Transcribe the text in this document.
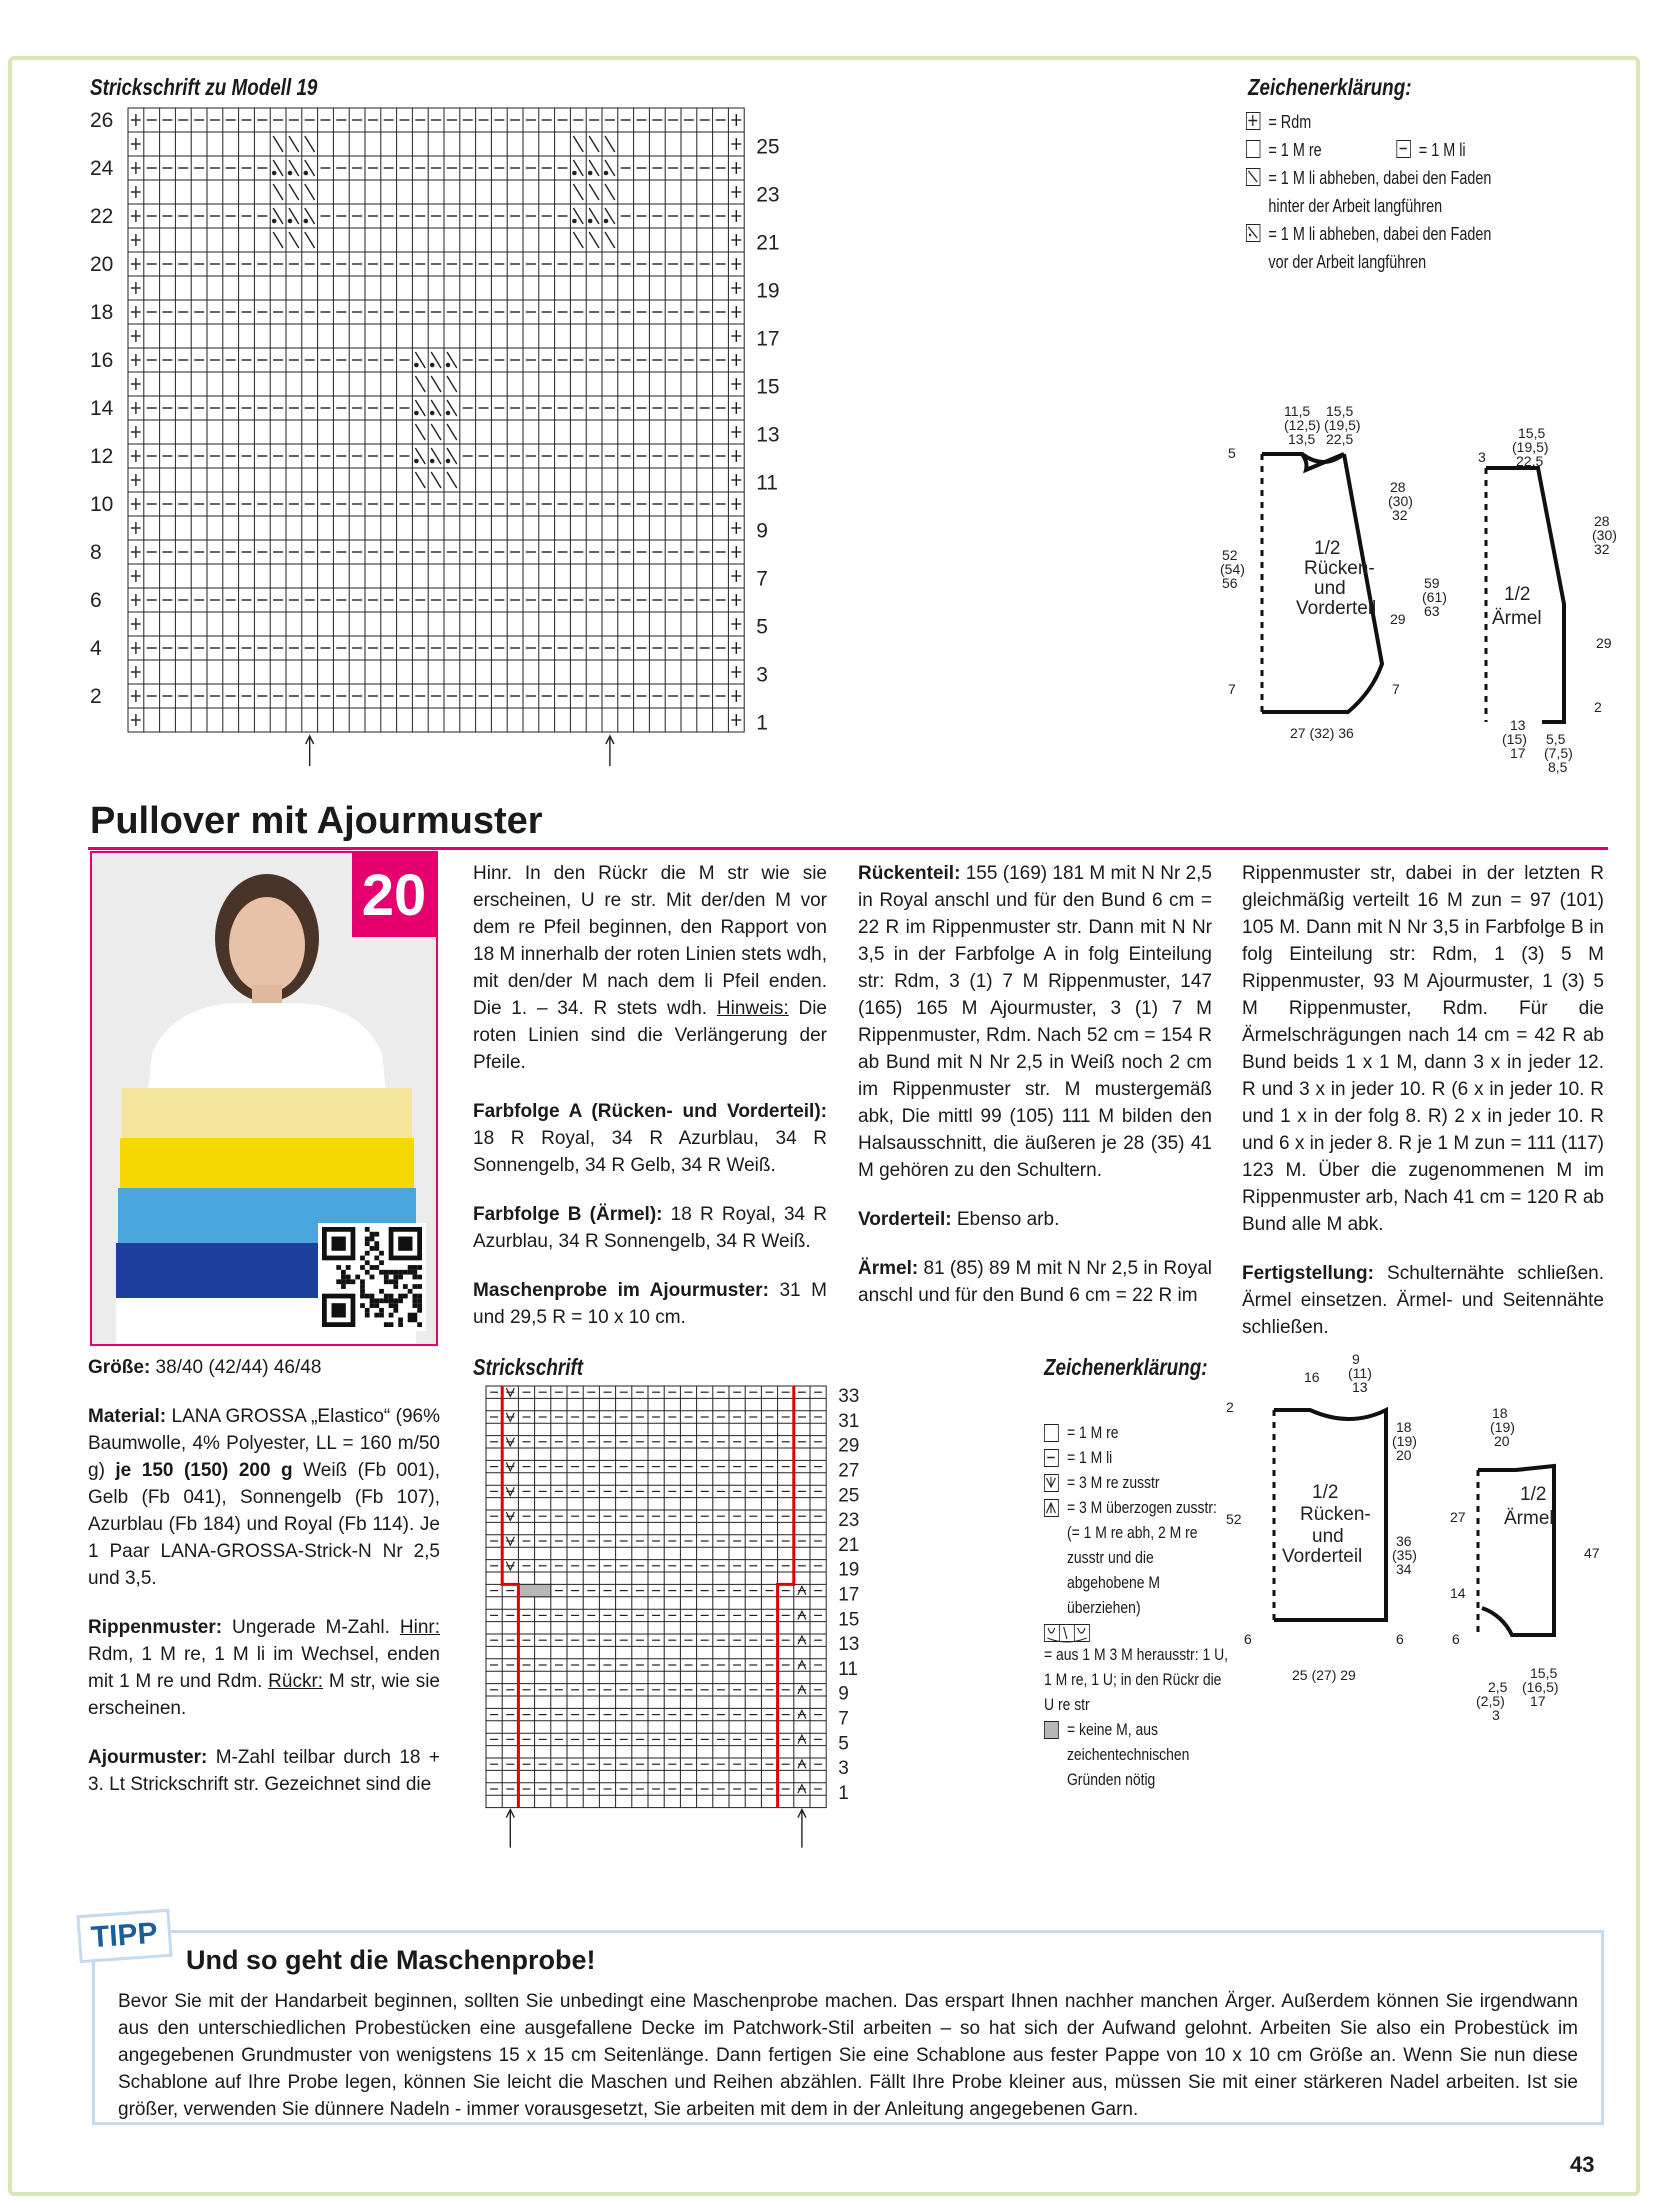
Strickschrift zu Modell 19
26
24
22
20
18
16
14
12
10
8
6
4
2
25
23
21
19
17
15
13
11
9
7
5
3
1
Zeichenerklärung:
= Rdm
= 1 M re	= 1 M li
= 1 M li abheben, dabei den Faden hinter der Arbeit langführen
= 1 M li abheben, dabei den Faden vor der Arbeit langführen
11,5
(12,5)
13,5
15,5
(19,5)
22,5
5
28
(30)
32
52
(54)
56
1/2
Rücken-
und
Vorderteil 29
7	7
27 (32) 36
3
15,5
(19,5)
22,5
28
(30)
32
59
(61)
63
1/2
Ärmel
29
2
13
(15)
17
5,5
(7,5)
8,5
Pullover mit Ajourmuster
20

Größe: 38/40 (42/44) 46/48

Material: LANA GROSSA „Elastico“ (96% Baumwolle, 4% Polyester, LL = 160 m/50 g) je 150 (150) 200 g Weiß (Fb 001), Gelb (Fb 041), Sonnengelb (Fb 107), Azurblau (Fb 184) und Royal (Fb 114). Je 1 Paar LANA-GROSSA-Strick-N Nr 2,5 und 3,5.

Rippenmuster: Ungerade M-Zahl. Hinr: Rdm, 1 M re, 1 M li im Wechsel, enden mit 1 M re und Rdm. Rückr: M str, wie sie erscheinen.

Ajourmuster: M-Zahl teilbar durch 18 + 3. Lt Strickschrift str. Gezeichnet sind die

Hinr. In den Rückr die M str wie sie erscheinen, U re str. Mit der/den M vor dem re Pfeil beginnen, den Rapport von 18 M innerhalb der roten Linien stets wdh, mit den/der M nach dem li Pfeil enden. Die 1. – 34. R stets wdh. Hinweis: Die roten Linien sind die Verlängerung der Pfeile.

Farbfolge A (Rücken- und Vorderteil): 18 R Royal, 34 R Azurblau, 34 R Sonnengelb, 34 R Gelb, 34 R Weiß.

Farbfolge B (Ärmel): 18 R Royal, 34 R Azurblau, 34 R Sonnengelb, 34 R Weiß.

Maschenprobe im Ajourmuster: 31 M und 29,5 R = 10 x 10 cm.

Rückenteil: 155 (169) 181 M mit N Nr 2,5 in Royal anschl und für den Bund 6 cm = 22 R im Rippenmuster str. Dann mit N Nr 3,5 in der Farbfolge A in folg Einteilung str: Rdm, 3 (1) 7 M Rippenmuster, 147 (165) 165 M Ajourmuster, 3 (1) 7 M Rippenmuster, Rdm. Nach 52 cm = 154 R ab Bund mit N Nr 2,5 in Weiß noch 2 cm im Rippenmuster str. M mustergemäß abk, Die mittl 99 (105) 111 M bilden den Halsausschnitt, die äußeren je 28 (35) 41 M gehören zu den Schultern.

Vorderteil: Ebenso arb.

Ärmel: 81 (85) 89 M mit N Nr 2,5 in Royal anschl und für den Bund 6 cm = 22 R im

Rippenmuster str, dabei in der letzten R gleichmäßig verteilt 16 M zun = 97 (101) 105 M. Dann mit N Nr 3,5 in Farbfolge B in folg Einteilung str: Rdm, 1 (3) 5 M Rippenmuster, 93 M Ajourmuster, 1 (3) 5 M Rippenmuster, Rdm. Für die Ärmelschrägungen nach 14 cm = 42 R ab Bund beids 1 x 1 M, dann 3 x in jeder 12. R und 3 x in jeder 10. R (6 x in jeder 10. R und 1 x in der folg 8. R) 2 x in jeder 10. R und 6 x in jeder 8. R je 1 M zun = 111 (117) 123 M. Über die zugenommenen M im Rippenmuster arb, Nach 41 cm = 120 R ab Bund alle M abk.

Fertigstellung: Schulternähte schließen. Ärmel einsetzen. Ärmel- und Seitennähte schließen.

Strickschrift
33
31
29
27
25
23
21
19
17
15
13
11
9
7
5
3
1
Zeichenerklärung:
= 1 M re
= 1 M li
= 3 M re zusstr
= 3 M überzogen zusstr: (= 1 M re abh, 2 M re zusstr und die abgehobene M überziehen)
= aus 1 M 3 M herausstr: 1 U, 1 M re, 1 U; in den Rückr die U re str
= keine M, aus zeichentechnischen Gründen nötig
9
(11)
13
16
18
(19)
20
2
1/2
Rücken-
und
Vorderteil
52
36
(35)
34
6	6
25 (27) 29
18
(19)
20
1/2
Ärmel
27
14
47
6
15,5
(16,5)
17
2,5
(2,5)
3
TIPP
Und so geht die Maschenprobe!
Bevor Sie mit der Handarbeit beginnen, sollten Sie unbedingt eine Maschenprobe machen. Das erspart Ihnen nachher manchen Ärger. Außerdem können Sie irgendwann aus den unterschiedlichen Probestücken eine ausgefallene Decke im Patchwork-Stil arbeiten – so hat sich der Aufwand gelohnt. Arbeiten Sie also ein Probestück im angegebenen Grundmuster von wenigstens 15 x 15 cm Seitenlänge. Dann fertigen Sie eine Schablone aus fester Pappe von 10 x 10 cm Größe an. Wenn Sie nun diese Schablone auf Ihre Probe legen, können Sie leicht die Maschen und Reihen abzählen. Fällt Ihre Probe kleiner aus, müssen Sie mit einer stärkeren Nadel arbeiten. Ist sie größer, verwenden Sie dünnere Nadeln - immer vorausgesetzt, Sie arbeiten mit dem in der Anleitung angegebenen Garn.
43
